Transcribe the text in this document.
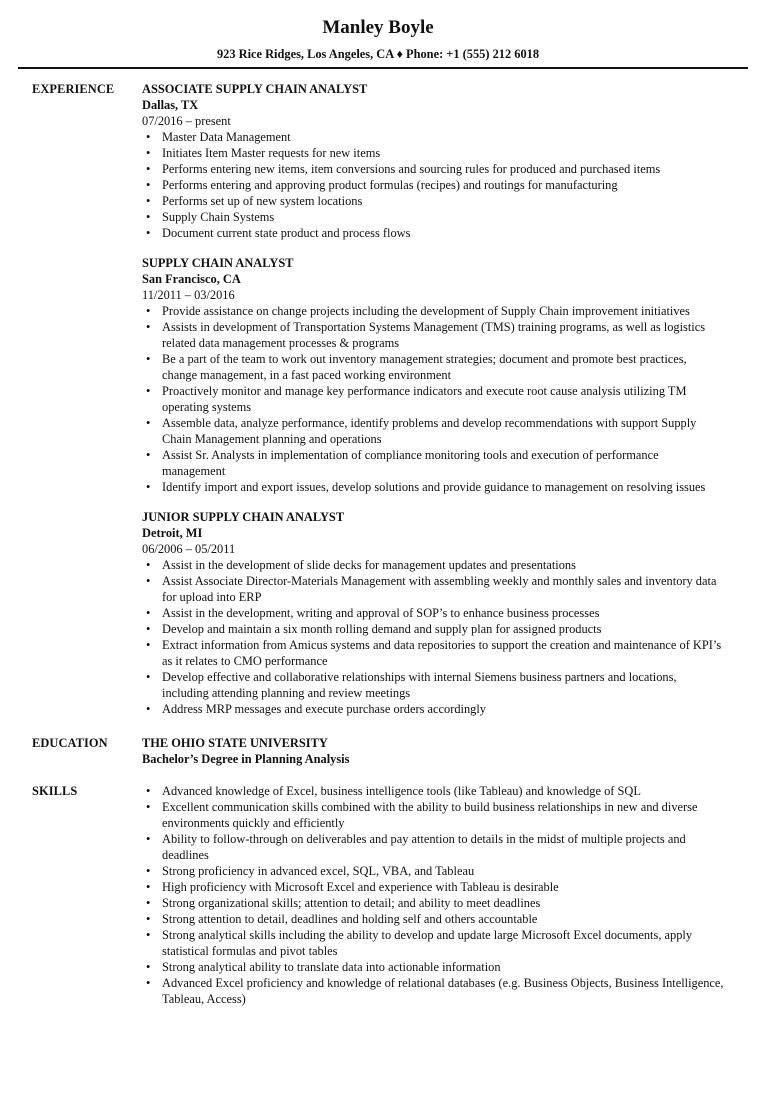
Manley Boyle
923 Rice Ridges, Los Angeles, CA ♦ Phone: +1 (555) 212 6018
EXPERIENCE	ASSOCIATE SUPPLY CHAIN ANALYST
Dallas, TX
07/2016 – present
• Master Data Management
• Initiates Item Master requests for new items
• Performs entering new items, item conversions and sourcing rules for produced and purchased items
• Performs entering and approving product formulas (recipes) and routings for manufacturing
• Performs set up of new system locations
• Supply Chain Systems
• Document current state product and process flows
SUPPLY CHAIN ANALYST
San Francisco, CA
11/2011 – 03/2016
• Provide assistance on change projects including the development of Supply Chain improvement initiatives
• Assists in development of Transportation Systems Management (TMS) training programs, as well as logistics related data management processes & programs
• Be a part of the team to work out inventory management strategies; document and promote best practices, change management, in a fast paced working environment
• Proactively monitor and manage key performance indicators and execute root cause analysis utilizing TM operating systems
• Assemble data, analyze performance, identify problems and develop recommendations with support Supply Chain Management planning and operations
• Assist Sr. Analysts in implementation of compliance monitoring tools and execution of performance management
• Identify import and export issues, develop solutions and provide guidance to management on resolving issues
JUNIOR SUPPLY CHAIN ANALYST
Detroit, MI
06/2006 – 05/2011
• Assist in the development of slide decks for management updates and presentations
• Assist Associate Director-Materials Management with assembling weekly and monthly sales and inventory data for upload into ERP
• Assist in the development, writing and approval of SOP’s to enhance business processes
• Develop and maintain a six month rolling demand and supply plan for assigned products
• Extract information from Amicus systems and data repositories to support the creation and maintenance of KPI’s as it relates to CMO performance
• Develop effective and collaborative relationships with internal Siemens business partners and locations, including attending planning and review meetings
• Address MRP messages and execute purchase orders accordingly
EDUCATION	THE OHIO STATE UNIVERSITY
Bachelor’s Degree in Planning Analysis
SKILLS	• Advanced knowledge of Excel, business intelligence tools (like Tableau) and knowledge of SQL
• Excellent communication skills combined with the ability to build business relationships in new and diverse environments quickly and efficiently
• Ability to follow-through on deliverables and pay attention to details in the midst of multiple projects and deadlines
• Strong proficiency in advanced excel, SQL, VBA, and Tableau
• High proficiency with Microsoft Excel and experience with Tableau is desirable
• Strong organizational skills; attention to detail; and ability to meet deadlines
• Strong attention to detail, deadlines and holding self and others accountable
• Strong analytical skills including the ability to develop and update large Microsoft Excel documents, apply statistical formulas and pivot tables
• Strong analytical ability to translate data into actionable information
• Advanced Excel proficiency and knowledge of relational databases (e.g. Business Objects, Business Intelligence, Tableau, Access)
